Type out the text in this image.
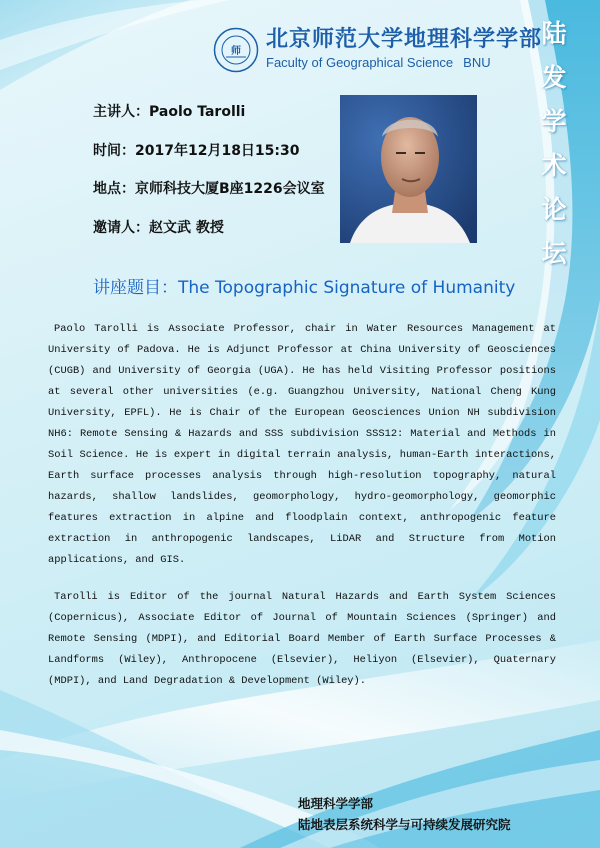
师 北京师范大学地理科学学部
Faculty of Geographical Science BNU
陆
发
学
术
论
坛
主讲人：Paolo Tarolli
时间：2017年12月18日15:30
地点：京师科技大厦B座1226会议室
邀请人：赵文武 教授
讲座题目：The Topographic Signature of Humanity

Paolo Tarolli is Associate Professor, chair in Water Resources Management at University of Padova. He is Adjunct Professor at China University of Geosciences (CUGB) and University of Georgia (UGA). He has held Visiting Professor positions at several other universities (e.g. Guangzhou University, National Cheng Kung University, EPFL). He is Chair of the European Geosciences Union NH subdivision NH6: Remote Sensing & Hazards and SSS subdivision SSS12: Material and Methods in Soil Science. He is expert in digital terrain analysis, human-Earth interactions, Earth surface processes analysis through high-resolution topography, natural hazards, shallow landslides, geomorphology, hydro-geomorphology, geomorphic features extraction in alpine and floodplain context, anthropogenic feature extraction in anthropogenic landscapes, LiDAR and Structure from Motion applications, and GIS.

Tarolli is Editor of the journal Natural Hazards and Earth System Sciences (Copernicus), Associate Editor of Journal of Mountain Sciences (Springer) and Remote Sensing (MDPI), and Editorial Board Member of Earth Surface Processes & Landforms (Wiley), Anthropocene (Elsevier), Heliyon (Elsevier), Quaternary (MDPI), and Land Degradation & Development (Wiley).

地理科学学部
陆地表层系统科学与可持续发展研究院
